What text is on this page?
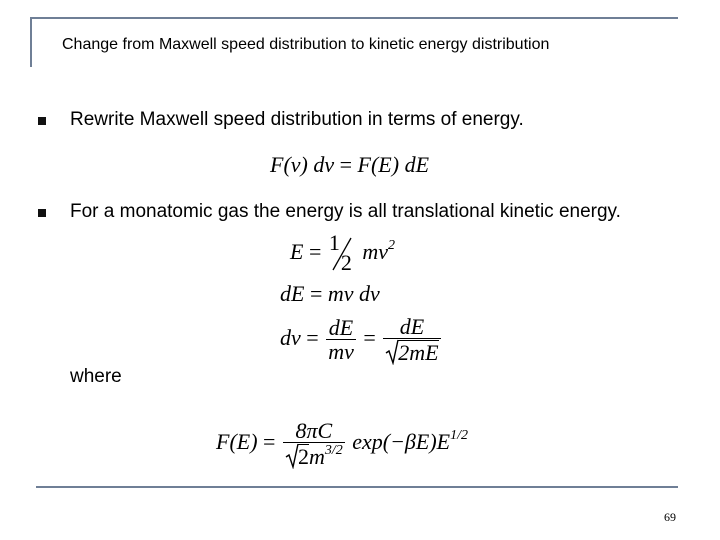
Change from Maxwell speed distribution to kinetic energy distribution
Rewrite Maxwell speed distribution in terms of energy.
F(v) dv = F(E) dE
For a monatomic gas the energy is all translational kinetic energy.
E = 1
2 $mv^2$
dE = mv dv
dv = $\frac{dE}{mv} = \frac{dE}{2mE}$
where
$F(E) = \frac{8\pi C}{2m^{3/2}} \exp(-\beta E)E^{1/2}$
69
